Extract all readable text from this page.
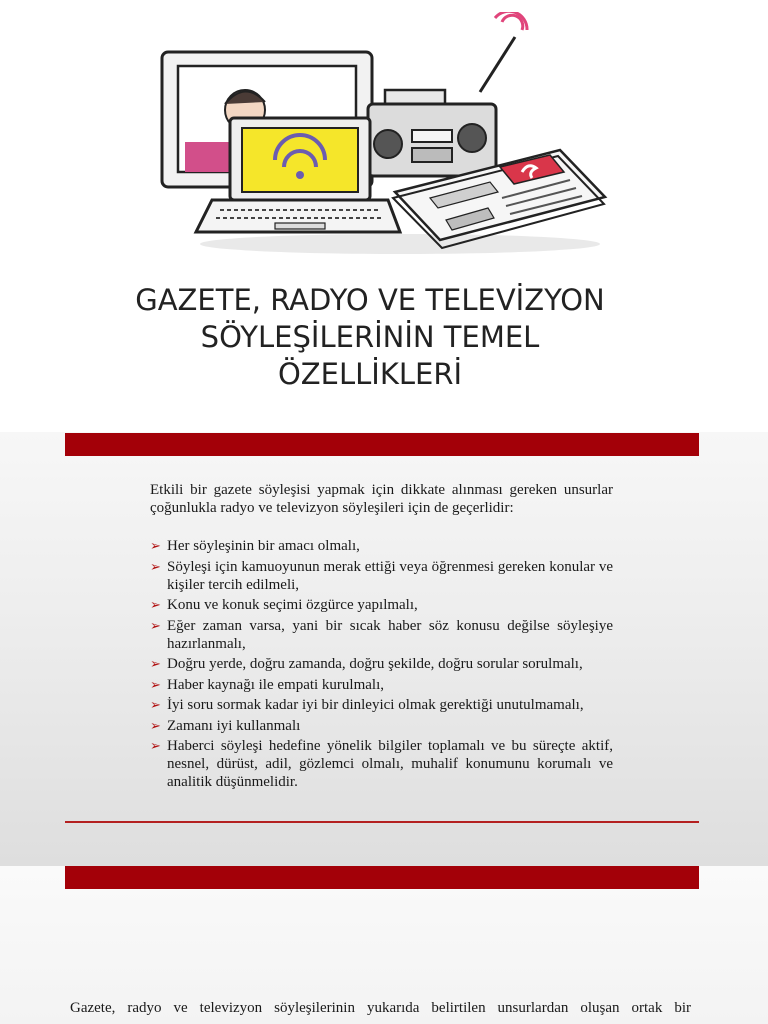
GAZETE, RADYO VE TELEVİZYON
SÖYLEŞİLERİNİN TEMEL
ÖZELLİKLERİ

Etkili bir gazete söyleşisi yapmak için dikkate alınması gereken unsurlar çoğunlukla radyo ve televizyon söyleşileri için de geçerlidir:

➢ Her söyleşinin bir amacı olmalı,
➢ Söyleşi için kamuoyunun merak ettiği veya öğrenmesi gereken konular ve kişiler tercih edilmeli,
➢ Konu ve konuk seçimi özgürce yapılmalı,
➢ Eğer zaman varsa, yani bir sıcak haber söz konusu değilse söyleşiye hazırlanmalı,
➢ Doğru yerde, doğru zamanda, doğru şekilde, doğru sorular sorulmalı,
➢ Haber kaynağı ile empati kurulmalı,
➢ İyi soru sormak kadar iyi bir dinleyici olmak gerektiği unutulmamalı,
➢ Zamanı iyi kullanmalı
➢ Haberci söyleşi hedefine yönelik bilgiler toplamalı ve bu süreçte aktif, nesnel, dürüst, adil, gözlemci olmalı, muhalif konumunu korumalı ve analitik düşünmelidir.

Gazete, radyo ve televizyon söyleşilerinin yukarıda belirtilen unsurlardan oluşan ortak bir
